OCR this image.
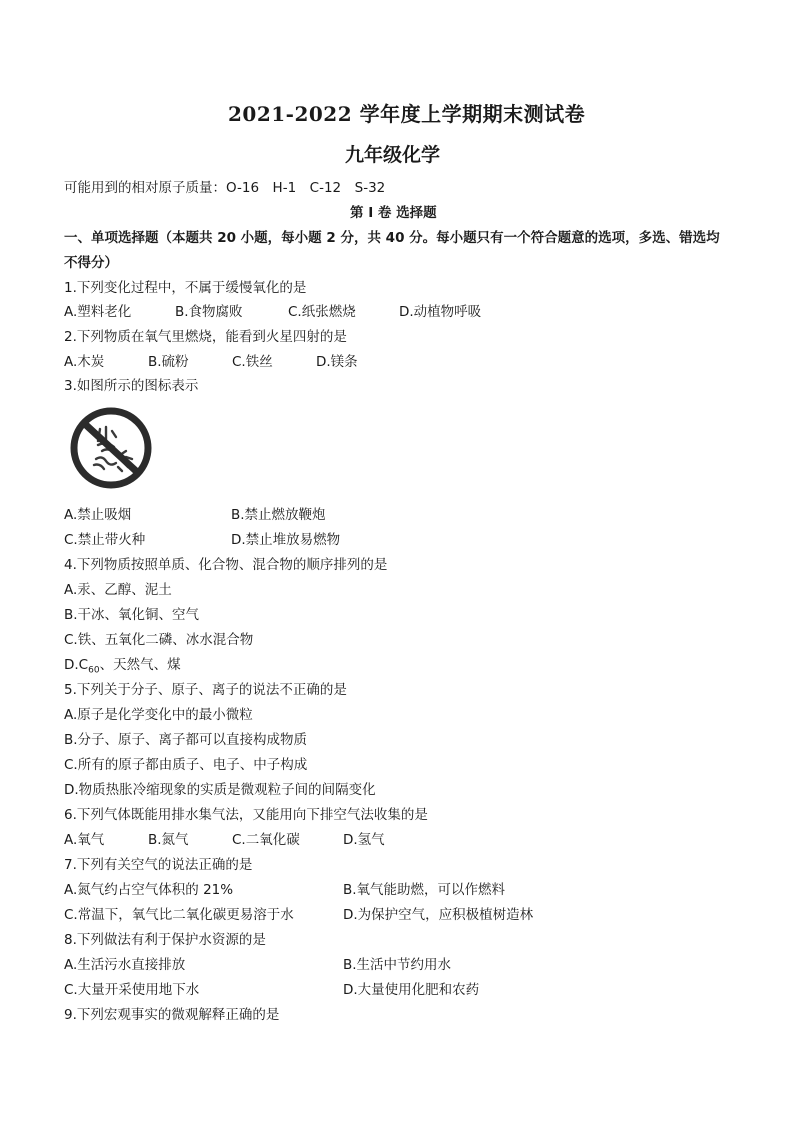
2021-2022 学年度上学期期末测试卷
九年级化学
可能用到的相对原子质量：O-16　H-1　C-12　S-32
第 I 卷 选择题
一、单项选择题（本题共 20 小题，每小题 2 分，共 40 分。每小题只有一个符合题意的选项，多选、错选均
不得分）
1.下列变化过程中，不属于缓慢氧化的是
A.塑料老化	B.食物腐败	C.纸张燃烧	D.动植物呼吸
2.下列物质在氧气里燃烧，能看到火星四射的是
A.木炭	B.硫粉	C.铁丝	D.镁条
3.如图所示的图标表示
A.禁止吸烟	B.禁止燃放鞭炮
C.禁止带火种	D.禁止堆放易燃物
4.下列物质按照单质、化合物、混合物的顺序排列的是
A.汞、乙醇、泥土
B.干冰、氧化铜、空气
C.铁、五氧化二磷、冰水混合物
$D.C_{60}$、天然气、煤
5.下列关于分子、原子、离子的说法不正确的是
A.原子是化学变化中的最小微粒
B.分子、原子、离子都可以直接构成物质
C.所有的原子都由质子、电子、中子构成
D.物质热胀冷缩现象的实质是微观粒子间的间隔变化
6.下列气体既能用排水集气法，又能用向下排空气法收集的是
A.氧气	B.氮气	C.二氧化碳	D.氢气
7.下列有关空气的说法正确的是
A.氮气约占空气体积的 21%	B.氧气能助燃，可以作燃料
C.常温下，氧气比二氧化碳更易溶于水	D.为保护空气，应积极植树造林
8.下列做法有利于保护水资源的是
A.生活污水直接排放	B.生活中节约用水
C.大量开采使用地下水	D.大量使用化肥和农药
9.下列宏观事实的微观解释正确的是
